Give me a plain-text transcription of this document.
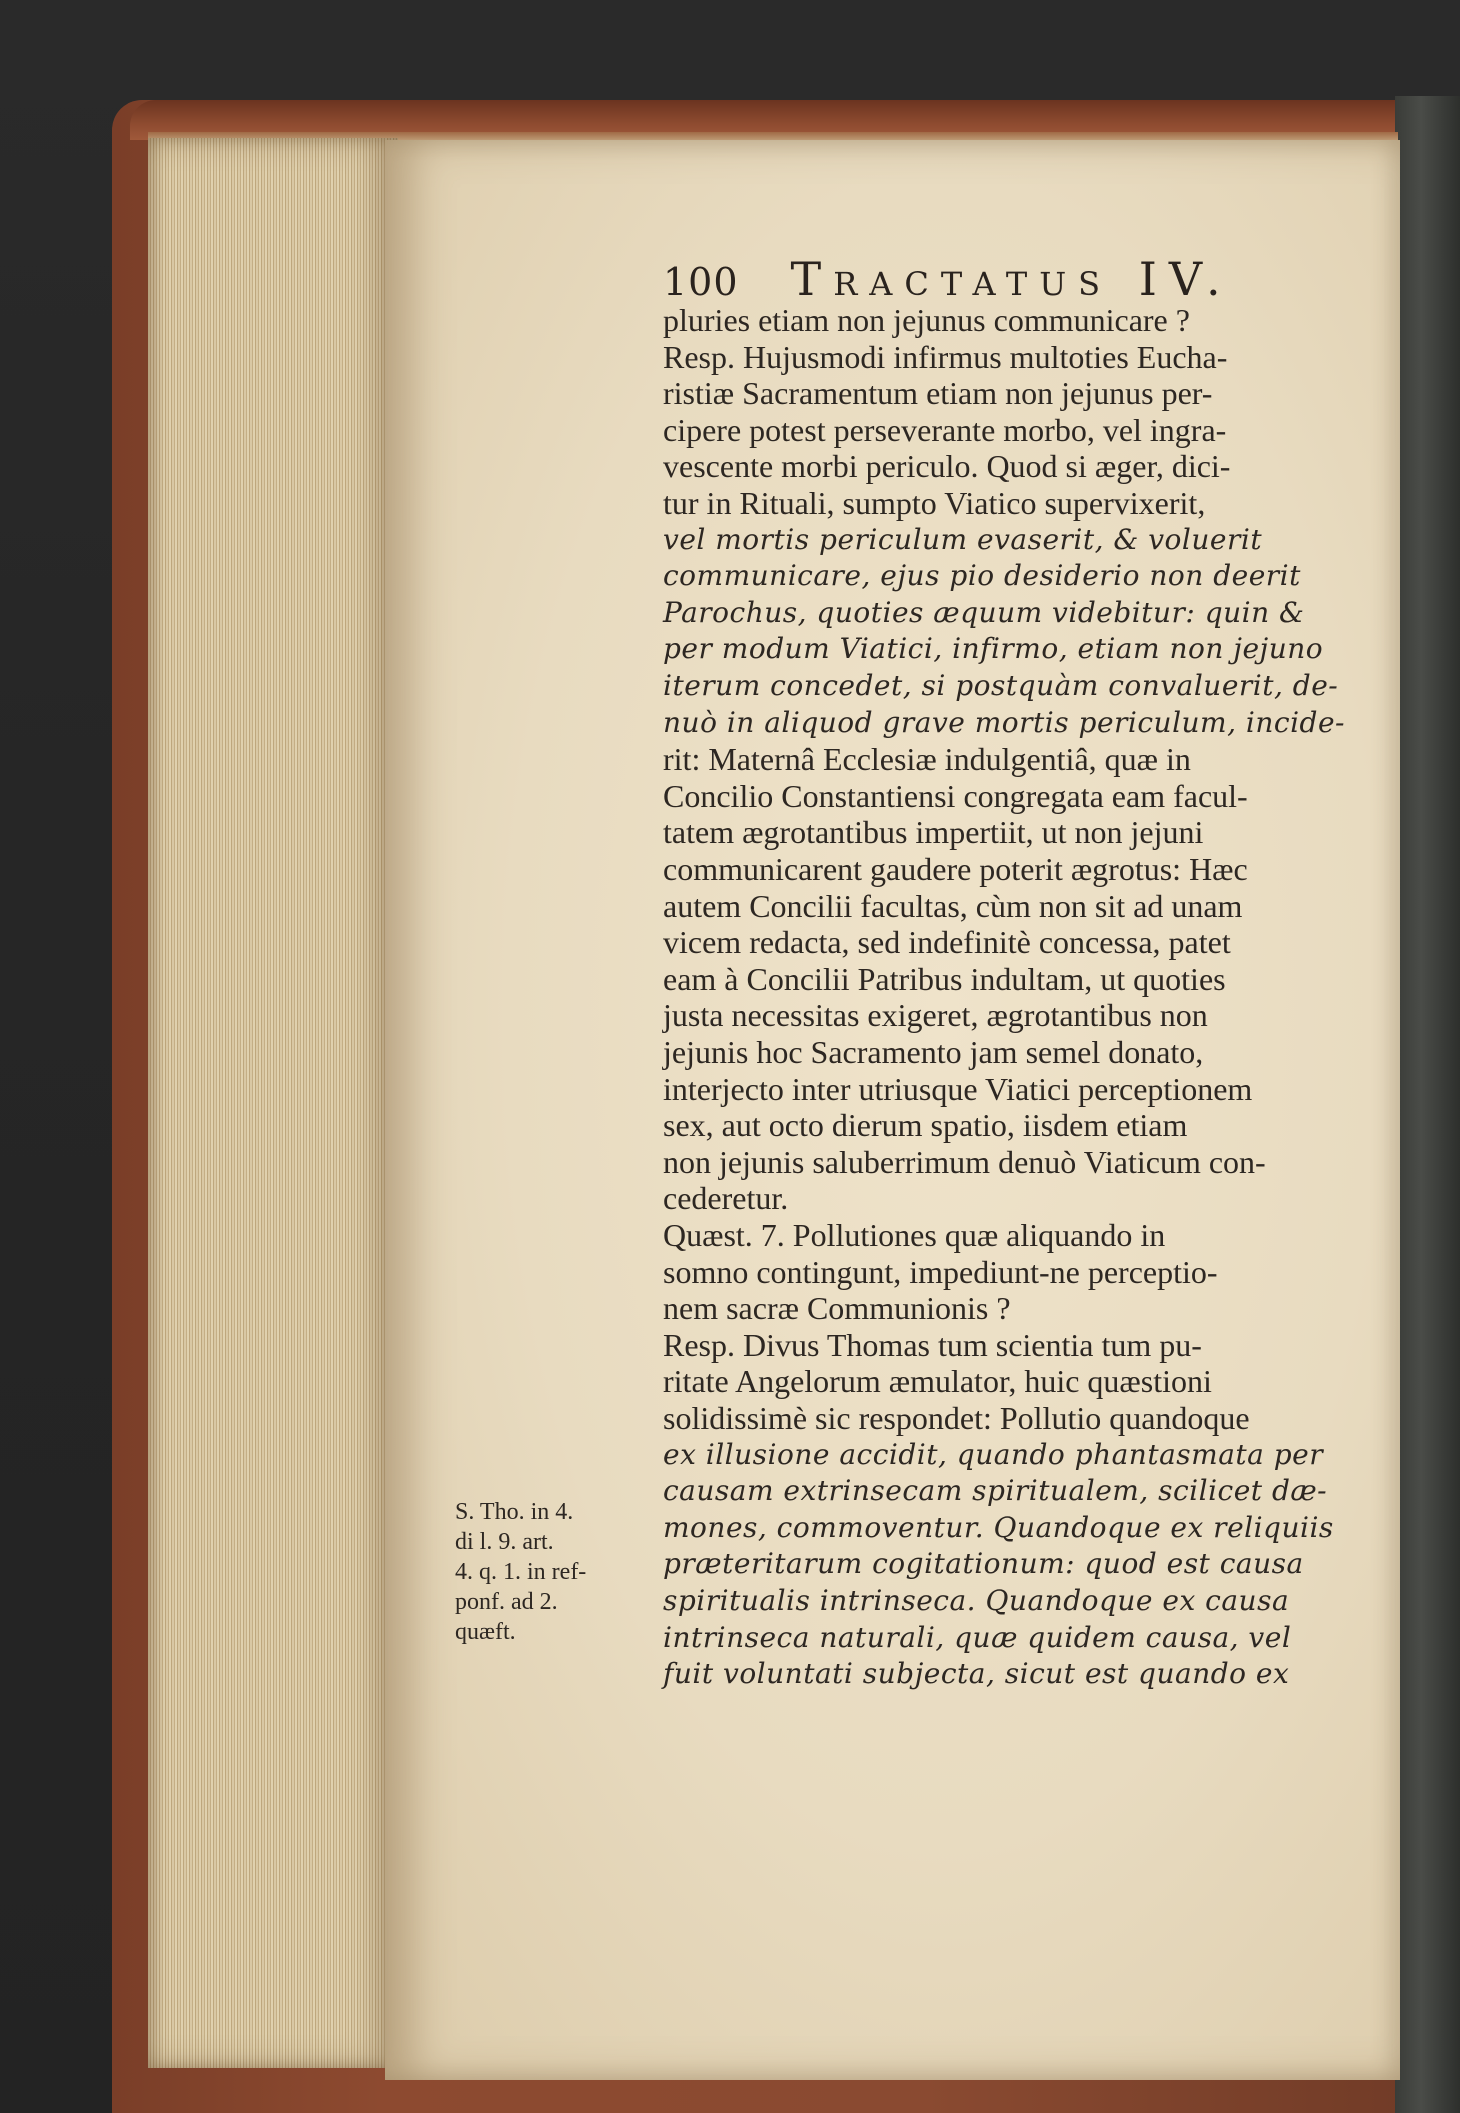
100 Tractatus IV.
pluries etiam non jejunus communicare ?
Resp. Hujusmodi infirmus multoties Eucha-
ristiæ Sacramentum etiam non jejunus per-
cipere potest perseverante morbo, vel ingra-
vescente morbi periculo. Quod si æger, dici-
tur in Rituali, sumpto Viatico supervixerit,
vel mortis periculum evaserit, & voluerit
communicare, ejus pio desiderio non deerit
Parochus, quoties æquum videbitur: quin &
per modum Viatici, infirmo, etiam non jejuno
iterum concedet, si postquàm convaluerit, de-
nuò in aliquod grave mortis periculum, incide-
rit: Maternâ Ecclesiæ indulgentiâ, quæ in
Concilio Constantiensi congregata eam facul-
tatem ægrotantibus impertiit, ut non jejuni
communicarent gaudere poterit ægrotus: Hæc
autem Concilii facultas, cùm non sit ad unam
vicem redacta, sed indefinitè concessa, patet
eam à Concilii Patribus indultam, ut quoties
justa necessitas exigeret, ægrotantibus non
jejunis hoc Sacramento jam semel donato,
interjecto inter utriusque Viatici perceptionem
sex, aut octo dierum spatio, iisdem etiam
non jejunis saluberrimum denuò Viaticum con-
cederetur.
Quæst. 7. Pollutiones quæ aliquando in
somno contingunt, impediunt-ne perceptio-
nem sacræ Communionis ?
Resp. Divus Thomas tum scientia tum pu-
ritate Angelorum æmulator, huic quæstioni
solidissimè sic respondet: Pollutio quandoque
ex illusione accidit, quando phantasmata per
causam extrinsecam spiritualem, scilicet dæ-
mones, commoventur. Quandoque ex reliquiis
præteritarum cogitationum: quod est causa
spiritualis intrinseca. Quandoque ex causa
intrinseca naturali, quæ quidem causa, vel
fuit voluntati subjecta, sicut est quando ex
S. Tho. in 4.
di l. 9. art.
4. q. 1. in ref-
ponf. ad 2.
quæft.
